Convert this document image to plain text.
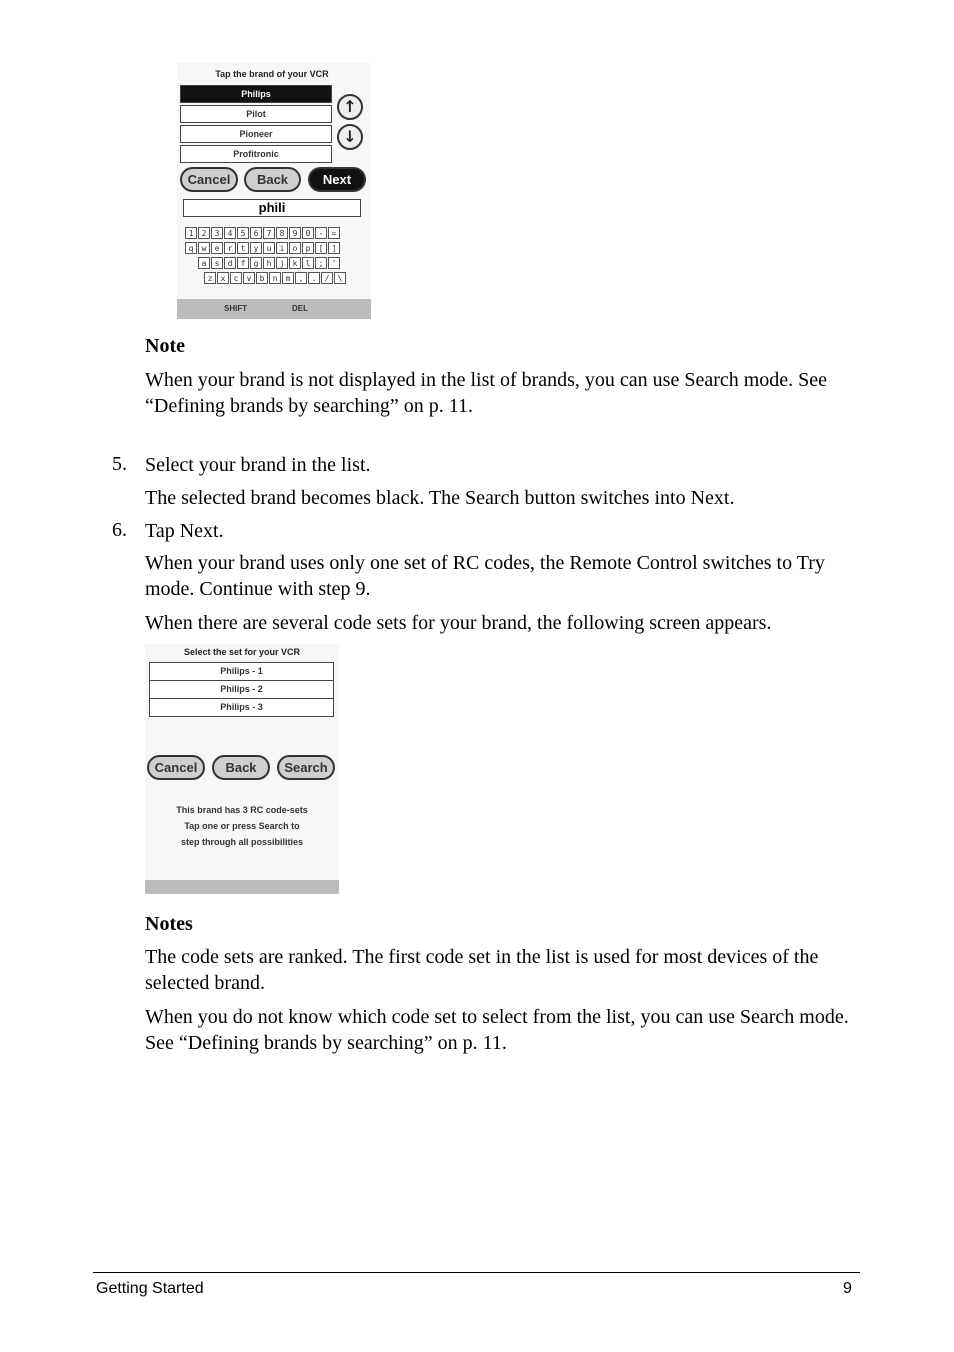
Tap the brand of your VCR
Philips
Pilot
Pioneer
Profitronic
↑
↓
Cancel	Back	Next
phili
1	2	3	4	5	6	7	8	9	0	-	=
q	w	e	r	t	y	u	i	o	p	[	]
a	s	d	f	g	h	j	k	l	;	'
z	x	c	v	b	n	m	,	.	/	\
SHIFT	DEL
Note
When your brand is not displayed in the list of brands, you can use Search mode. See “Defining brands by searching” on p. 11.
5. Select your brand in the list.
The selected brand becomes black. The Search button switches into Next.
6. Tap Next.
When your brand uses only one set of RC codes, the Remote Control switches to Try mode. Continue with step 9.
When there are several code sets for your brand, the following screen appears.
Select the set for your VCR
Philips - 1
Philips - 2
Philips - 3
Cancel	Back	Search
This brand has 3 RC code-sets
Tap one or press Search to
step through all possibilities
Notes
The code sets are ranked. The first code set in the list is used for most devices of the selected brand.
When you do not know which code set to select from the list, you can use Search mode. See “Defining brands by searching” on p. 11.
Getting Started	9
